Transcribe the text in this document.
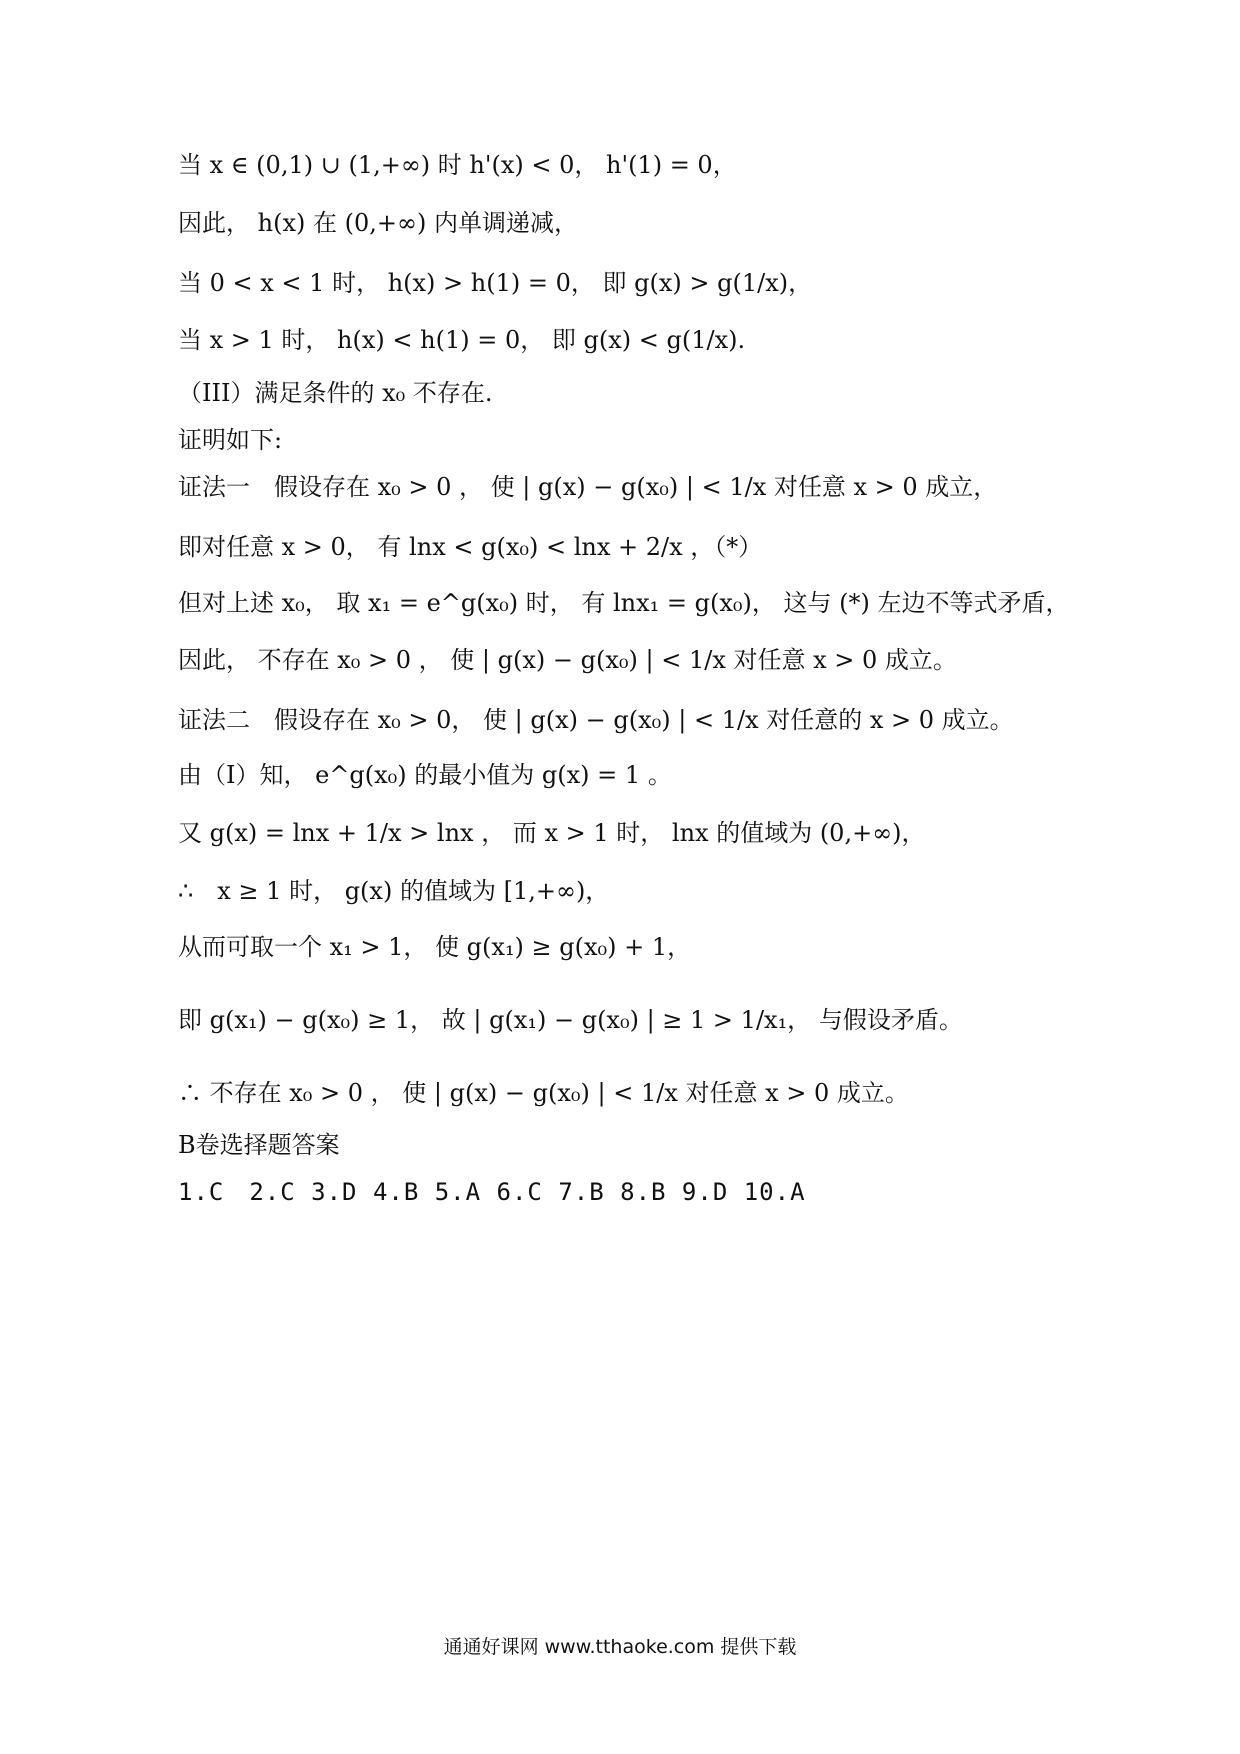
当 x ∈ (0,1) ∪ (1,+∞) 时 h'(x) < 0， h'(1) = 0，
因此， h(x) 在 (0,+∞) 内单调递减，
当 0 < x < 1 时， h(x) > h(1) = 0， 即 g(x) > g(1/x)，
当 x > 1 时， h(x) < h(1) = 0， 即 g(x) < g(1/x).
（III）满足条件的 x₀ 不存在.
证明如下:
证法一　假设存在 x₀ > 0 ， 使 | g(x) − g(x₀) | < 1/x 对任意 x > 0 成立，
即对任意 x > 0， 有 lnx < g(x₀) < lnx + 2/x ，（*）
但对上述 x₀， 取 x₁ = e^g(x₀) 时， 有 lnx₁ = g(x₀)， 这与 (*) 左边不等式矛盾，
因此， 不存在 x₀ > 0 ， 使 | g(x) − g(x₀) | < 1/x 对任意 x > 0 成立。
证法二　假设存在 x₀ > 0， 使 | g(x) − g(x₀) | < 1/x 对任意的 x > 0 成立。
由（Ⅰ）知， e^g(x₀) 的最小值为 g(x) = 1 。
又 g(x) = lnx + 1/x > lnx ， 而 x > 1 时， lnx 的值域为 (0,+∞)，
∴　x ≥ 1 时， g(x) 的值域为 [1,+∞)，
从而可取一个 x₁ > 1， 使 g(x₁) ≥ g(x₀) + 1，
即 g(x₁) − g(x₀) ≥ 1， 故 | g(x₁) − g(x₀) | ≥ 1 > 1/x₁， 与假设矛盾。
∴ 不存在 x₀ > 0 ， 使 | g(x) − g(x₀) | < 1/x 对任意 x > 0 成立。
B卷选择题答案
1.C　2.C 3.D 4.B 5.A 6.C 7.B 8.B 9.D 10.A
通通好课网 www.tthaoke.com 提供下载
